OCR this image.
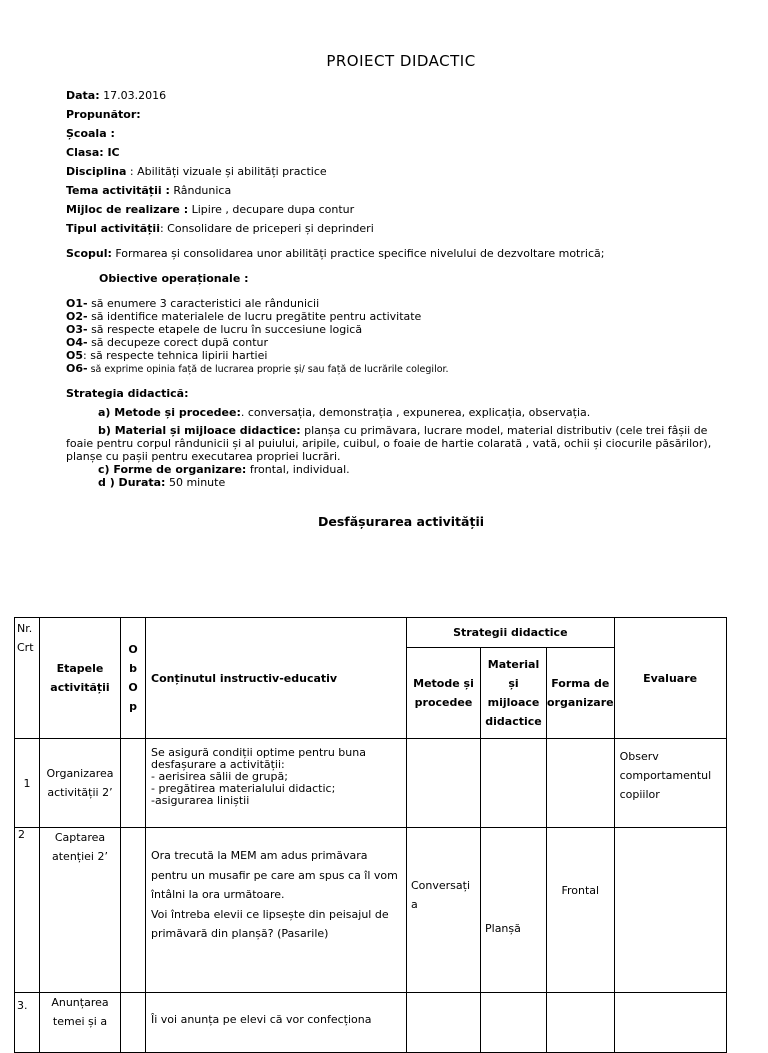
PROIECT DIDACTIC
Data: 17.03.2016
Propunător:
Școala :
Clasa: IC
Disciplina : Abilități vizuale și abilități practice
Tema activității : Rândunica
Mijloc de realizare : Lipire , decupare dupa contur
Tipul activității: Consolidare de priceperi și deprinderi
Scopul: Formarea și consolidarea unor abilități practice specifice nivelului de dezvoltare motrică;
Obiective operaționale :
O1- să enumere 3 caracteristici ale rândunicii
O2- să identifice materialele de lucru pregătite pentru activitate
O3- să respecte etapele de lucru în succesiune logică
O4- să decupeze corect după contur
O5: să respecte tehnica lipirii hartiei
O6- să exprime opinia față de lucrarea proprie și/ sau față de lucrările colegilor.
Strategia didactică:
a) Metode și procedee:. conversația, demonstrația , expunerea, explicația, observația.
b) Material și mijloace didactice: planșa cu primăvara, lucrare model, material distributiv (cele trei fâșii de foaie pentru corpul rândunicii și al puiului, aripile, cuibul, o foaie de hartie colarată , vată, ochii și ciocurile păsărilor), planșe cu pașii pentru executarea propriei lucrări.
c) Forme de organizare: frontal, individual.
d ) Durata: 50 minute
Desfășurarea activității
Nr. Crt	Etapele activității	O b O p	Conținutul instructiv-educativ	Strategii didactice			Evaluare
				Metode și procedee	Material și mijloace didactice	Forma de organizare	
1	Organizarea activității 2’		Se asigură condiții optime pentru buna desfașurare a activității:
- aerisirea sălii de grupă;
- pregătirea materialului didactic;
-asigurarea liniștii				Observ comportamentul copiilor
2	Captarea atenției 2’		Ora trecută la MEM am adus primăvara pentru un musafir pe care am spus ca îl vom întâlni la ora următoare.
Voi întreba elevii ce lipsește din peisajul de primăvară din planșă? (Pasarile)	Conversați a	Planșă	Frontal	
3.	Anunțarea temei și a		Îi voi anunța pe elevi că vor confecționa				
